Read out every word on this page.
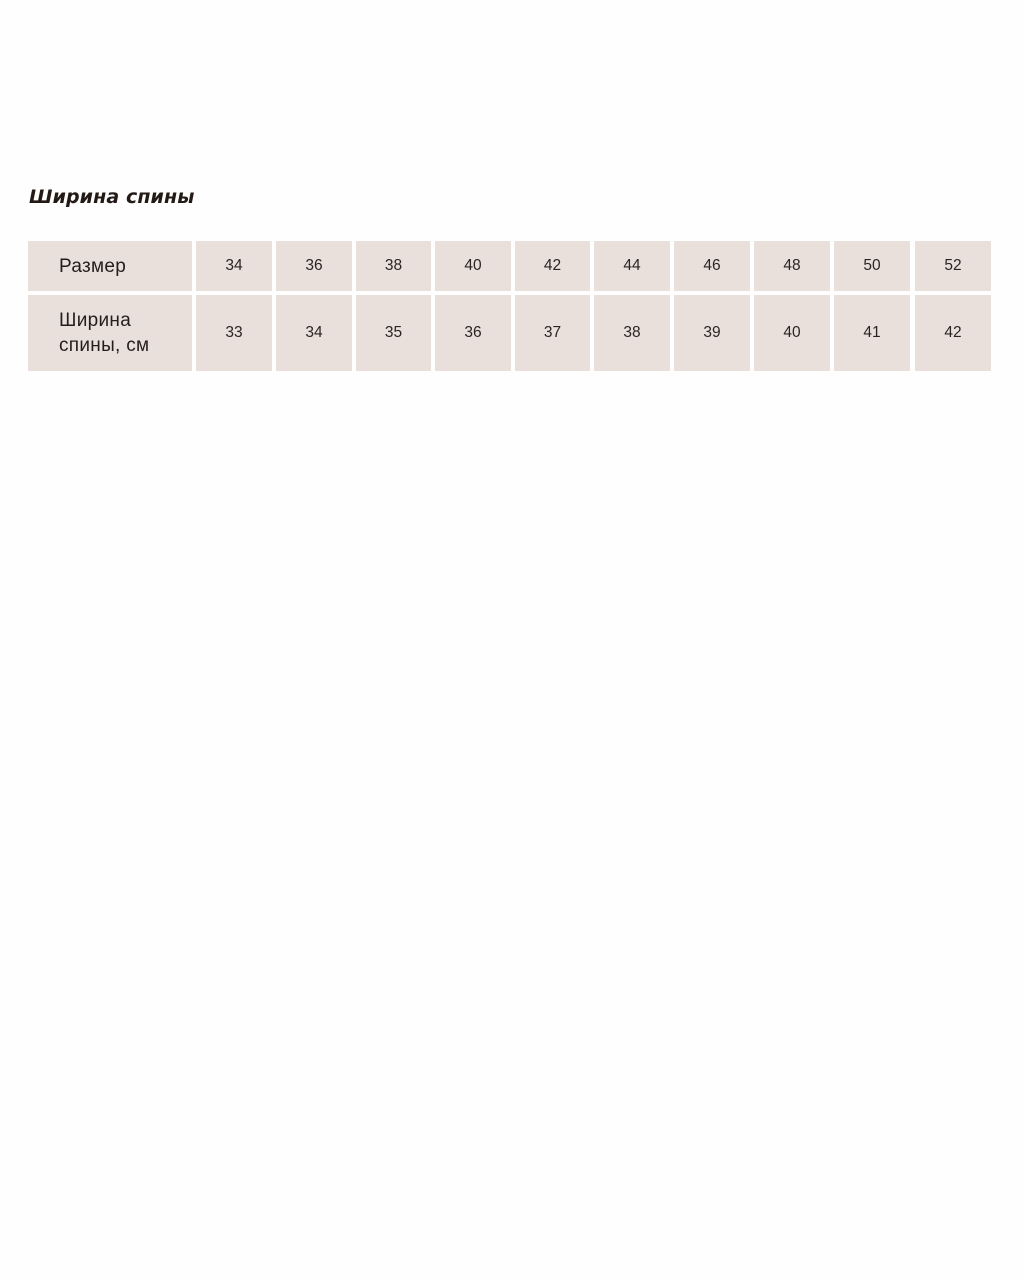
Ширина спины
Размер	34	36	38	40	42	44	46	48	50	52
Ширина
спины, см
33	34	35	36	37	38	39	40	41	42
